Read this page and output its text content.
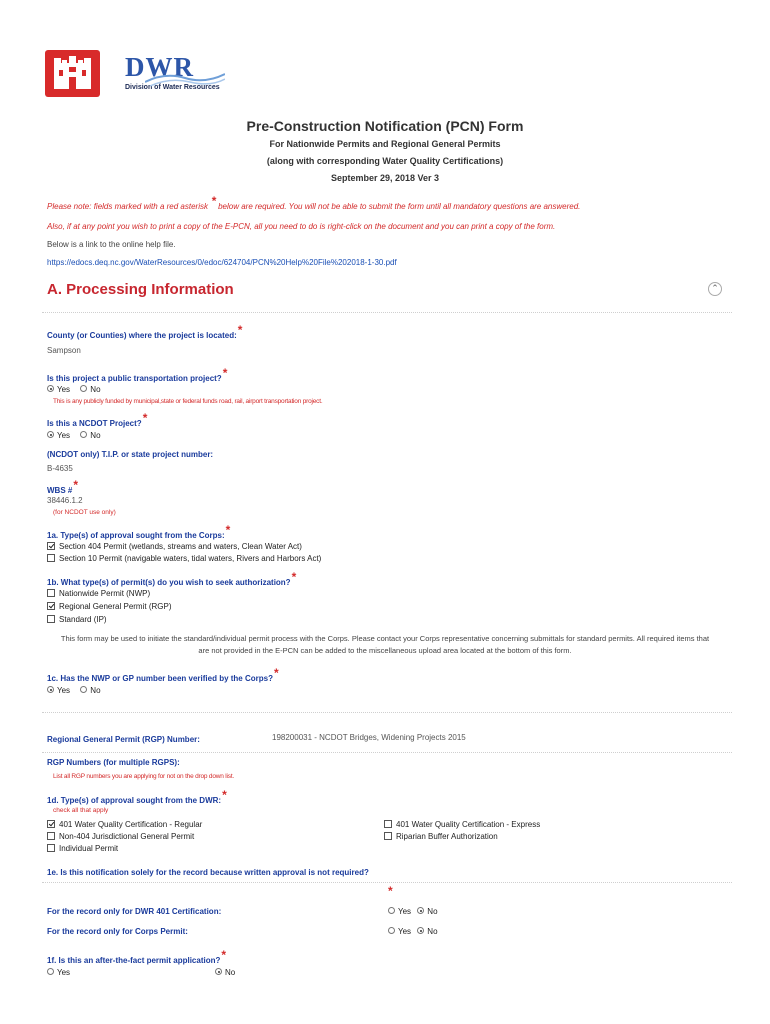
DWR
Division of Water Resources
Pre-Construction Notification (PCN) Form
For Nationwide Permits and Regional General Permits
(along with corresponding Water Quality Certifications)
September 29, 2018 Ver 3
Please note: fields marked with a red asterisk * below are required. You will not be able to submit the form until all mandatory questions are answered.
Also, if at any point you wish to print a copy of the E-PCN, all you need to do is right-click on the document and you can print a copy of the form.
Below is a link to the online help file.
https://edocs.deq.nc.gov/WaterResources/0/edoc/624704/PCN%20Help%20File%202018-1-30.pdf
A. Processing Information	⌃
County (or Counties) where the project is located:*
Sampson
Is this project a public transportation project?*
Yes	No
This is any publicly funded by municipal,state or federal funds road, rail, airport transportation project.
Is this a NCDOT Project?*
Yes	No
(NCDOT only) T.I.P. or state project number:
B-4635
WBS #*
38446.1.2
(for NCDOT use only)
1a. Type(s) of approval sought from the Corps:*
Section 404 Permit (wetlands, streams and waters, Clean Water Act)
Section 10 Permit (navigable waters, tidal waters, Rivers and Harbors Act)
1b. What type(s) of permit(s) do you wish to seek authorization?*
Nationwide Permit (NWP)
Regional General Permit (RGP)
Standard (IP)
This form may be used to initiate the standard/individual permit process with the Corps. Please contact your Corps representative concerning submittals for standard permits. All required items that
are not provided in the E-PCN can be added to the miscellaneous upload area located at the bottom of this form.
1c. Has the NWP or GP number been verified by the Corps?*
Yes	No
Regional General Permit (RGP) Number:	198200031 - NCDOT Bridges, Widening Projects 2015
RGP Numbers (for multiple RGPS):
List all RGP numbers you are applying for not on the drop down list.
1d. Type(s) of approval sought from the DWR:*
check all that apply
401 Water Quality Certification - Regular
Non-404 Jurisdictional General Permit
Individual Permit
401 Water Quality Certification - Express
Riparian Buffer Authorization
1e. Is this notification solely for the record because written approval is not required?
*
For the record only for DWR 401 Certification:	Yes No
For the record only for Corps Permit:	Yes No
1f. Is this an after-the-fact permit application?*
Yes	No
